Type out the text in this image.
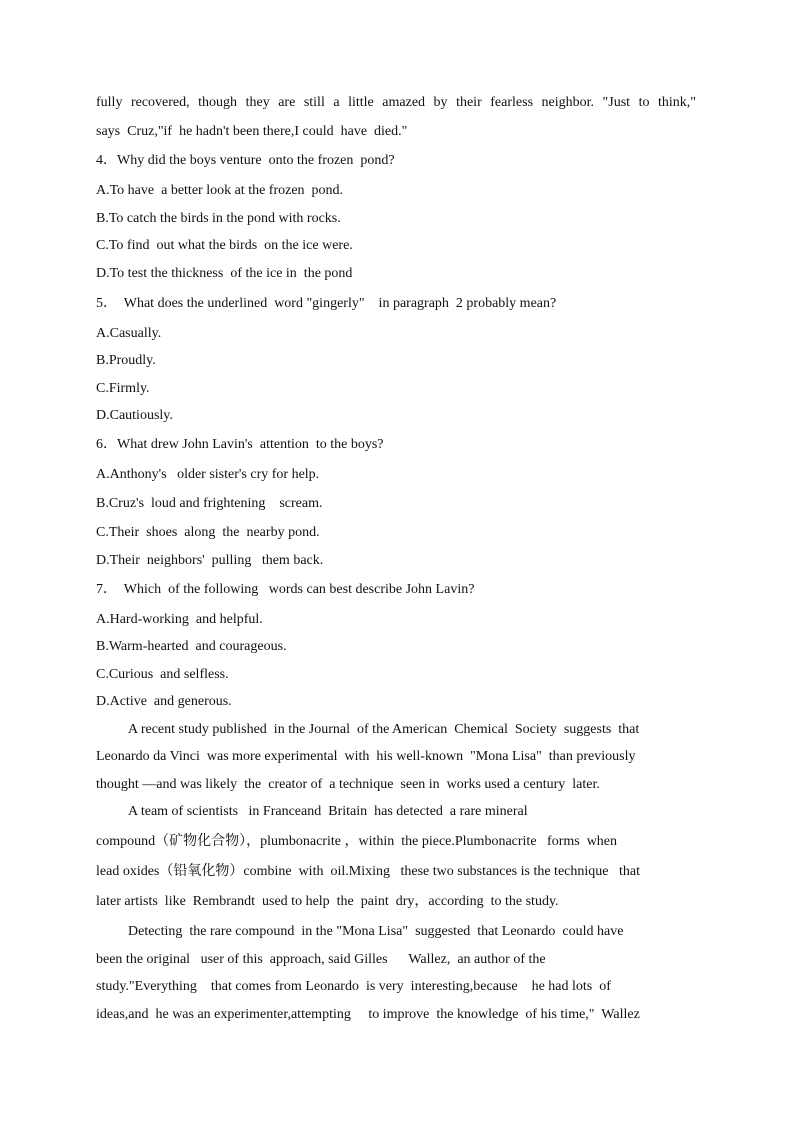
fully recovered, though they are still a little amazed by their fearless neighbor. "Just to think,"
says  Cruz,"if  he hadn't been there,I could  have  died."
4．Why did the boys venture  onto the frozen  pond?
A.To have  a better look at the frozen  pond.
B.To catch the birds in the pond with rocks.
C.To find  out what the birds  on the ice were.
D.To test the thickness  of the ice in  the pond
5．  What does the underlined  word "gingerly"    in paragraph  2 probably mean?
A.Casually.
B.Proudly.
C.Firmly.
D.Cautiously.
6．What drew John Lavin's  attention  to the boys?
A.Anthony's   older sister's cry for help.
B.Cruz's  loud and frightening    scream.
C.Their  shoes  along  the  nearby pond.
D.Their  neighbors'  pulling   them back.
7．  Which  of the following   words can best describe John Lavin?
A.Hard-working  and helpful.
B.Warm-hearted  and courageous.
C.Curious  and selfless.
D.Active  and generous.
A recent study published  in the Journal  of the American  Chemical  Society  suggests  that
Leonardo da Vinci  was more experimental  with  his well-known  "Mona Lisa"  than previously
thought —and was likely  the  creator of  a technique  seen in  works used a century  later.
A team of scientists   in Franceand  Britain  has detected  a rare mineral
compound（矿物化合物），plumbonacrite ，within  the piece.Plumbonacrite   forms  when
lead oxides（铅氧化物）combine  with  oil.Mixing   these two substances is the technique   that
later artists  like  Rembrandt  used to help  the  paint  dry，according  to the study.
Detecting  the rare compound  in the "Mona Lisa"  suggested  that Leonardo  could have
been the original   user of this  approach, said Gilles      Wallez,  an author of the
study."Everything    that comes from Leonardo  is very  interesting,because    he had lots  of
ideas,and  he was an experimenter,attempting     to improve  the knowledge  of his time,"  Wallez
